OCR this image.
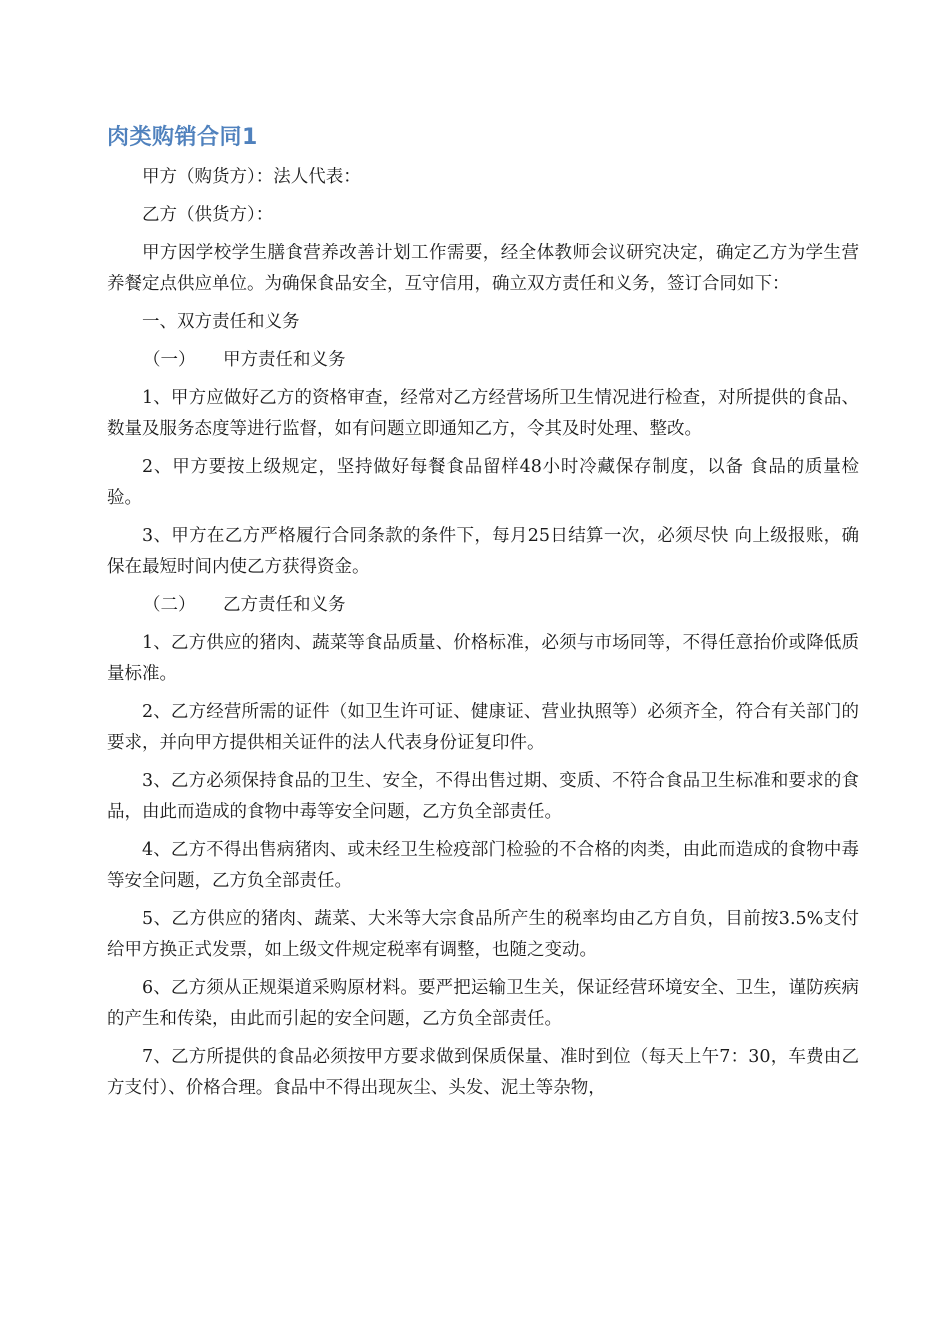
肉类购销合同1

甲方（购货方）：法人代表：

乙方（供货方）：

甲方因学校学生膳食营养改善计划工作需要，经全体教师会议研究决定，确定乙方为学生营养餐定点供应单位。为确保食品安全，互守信用，确立双方责任和义务，签订合同如下：

一、双方责任和义务

（一） 甲方责任和义务

1、甲方应做好乙方的资格审查，经常对乙方经营场所卫生情况进行检查，对所提供的食品、数量及服务态度等进行监督，如有问题立即通知乙方，令其及时处理、整改。

2、甲方要按上级规定，坚持做好每餐食品留样48小时冷藏保存制度，以备 食品的质量检验。

3、甲方在乙方严格履行合同条款的条件下，每月25日结算一次，必须尽快 向上级报账，确保在最短时间内使乙方获得资金。

（二） 乙方责任和义务

1、乙方供应的猪肉、蔬菜等食品质量、价格标准，必须与市场同等，不得任意抬价或降低质量标准。

2、乙方经营所需的证件（如卫生许可证、健康证、营业执照等）必须齐全，符合有关部门的要求，并向甲方提供相关证件的法人代表身份证复印件。

3、乙方必须保持食品的卫生、安全，不得出售过期、变质、不符合食品卫生标准和要求的食品，由此而造成的食物中毒等安全问题，乙方负全部责任。

4、乙方不得出售病猪肉、或未经卫生检疫部门检验的不合格的肉类，由此而造成的食物中毒等安全问题，乙方负全部责任。

5、乙方供应的猪肉、蔬菜、大米等大宗食品所产生的税率均由乙方自负，目前按3.5%支付给甲方换正式发票，如上级文件规定税率有调整，也随之变动。

6、乙方须从正规渠道采购原材料。要严把运输卫生关，保证经营环境安全、卫生，谨防疾病的产生和传染，由此而引起的安全问题，乙方负全部责任。

7、乙方所提供的食品必须按甲方要求做到保质保量、准时到位（每天上午7：30，车费由乙方支付）、价格合理。食品中不得出现灰尘、头发、泥土等杂物，
